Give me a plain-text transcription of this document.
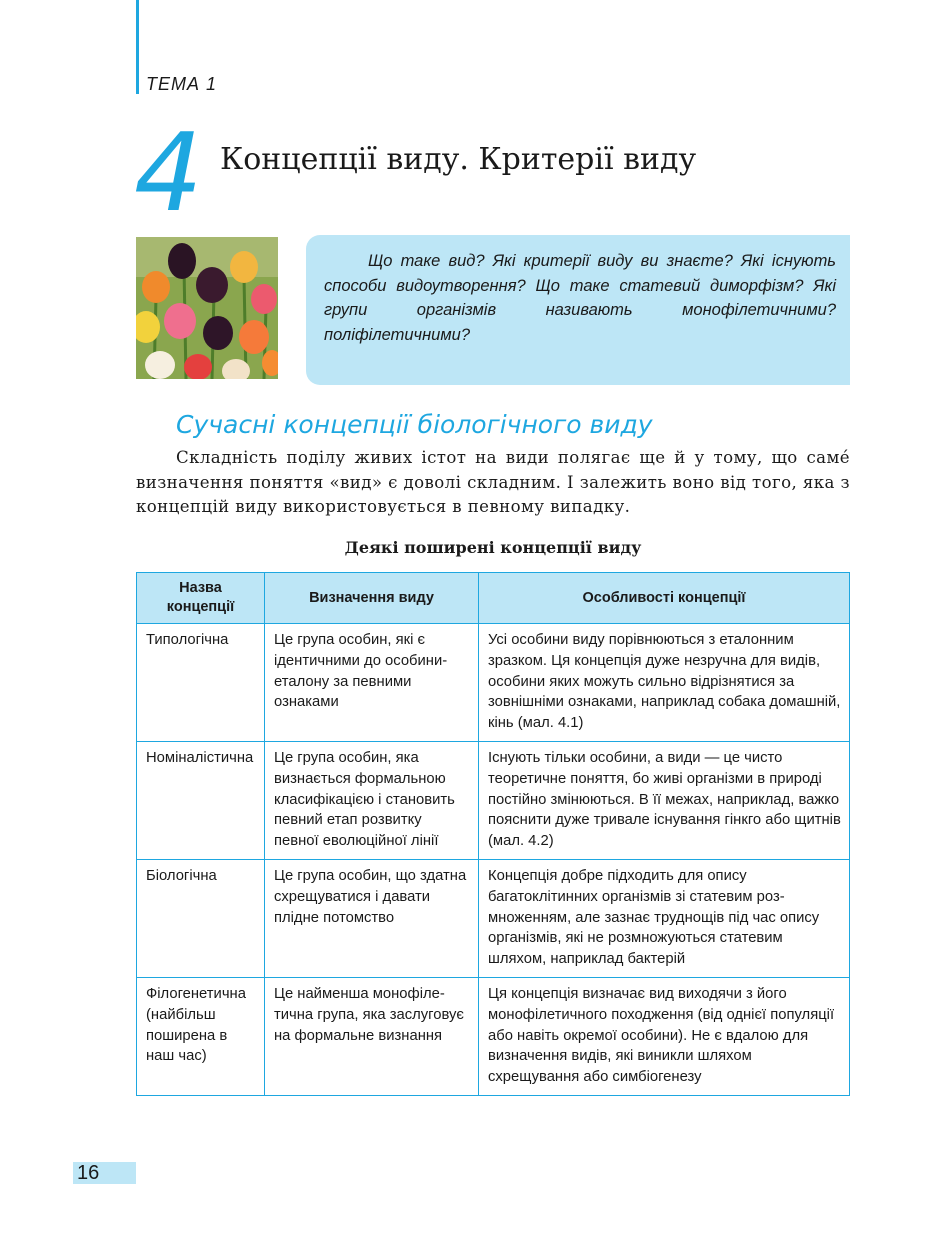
ТЕМА 1
4 Концепції виду. Критерії виду

Що таке вид? Які критерії виду ви знаєте? Які існують способи видоутворення? Що таке статевий диморфізм? Які групи організмів називають монофілетичними? поліфілетичними?

Сучасні концепції біологічного виду

Складність поділу живих істот на види полягає ще й у тому, що саме́ визначення поняття «вид» є доволі складним. І залежить воно від того, яка з концепцій виду використовується в певному випадку.

Деякі поширені концепції виду
Назва концепції	Визначення виду	Особливості концепції
Типологічна	Це група особин, які є ідентичними до особини-еталону за певними ознаками	Усі особини виду порівнюються з еталонним зразком. Ця концепція дуже незручна для видів, особини яких можуть сильно відрізнятися за зовнішніми ознаками, наприклад собака домашній, кінь (мал. 4.1)
Номіналістична	Це група особин, яка визнається формальною класифікацією і становить певний етап розвитку певної еволюційної лінії	Існують тільки особини, а види — це чисто теоретичне поняття, бо живі організми в природі постійно змінюються. В її межах, наприклад, важко пояснити дуже тривале існування гінкго або щитнів (мал. 4.2)
Біологічна	Це група особин, що здатна схрещуватися і давати плідне потомство	Концепція добре підходить для опису багатоклітинних організмів зі статевим розмноженням, але зазнає труднощів під час опису організмів, які не розмножуються статевим шляхом, наприклад бактерій
Філогенетична (найбільш поширена в наш час)	Це найменша монофілетична група, яка заслуговує на формальне визнання	Ця концепція визначає вид виходячи з його монофілетичного походження (від однієї популяції або навіть окремої особини). Не є вдалою для визначення видів, які виникли шляхом схрещування або симбіогенезу
16
